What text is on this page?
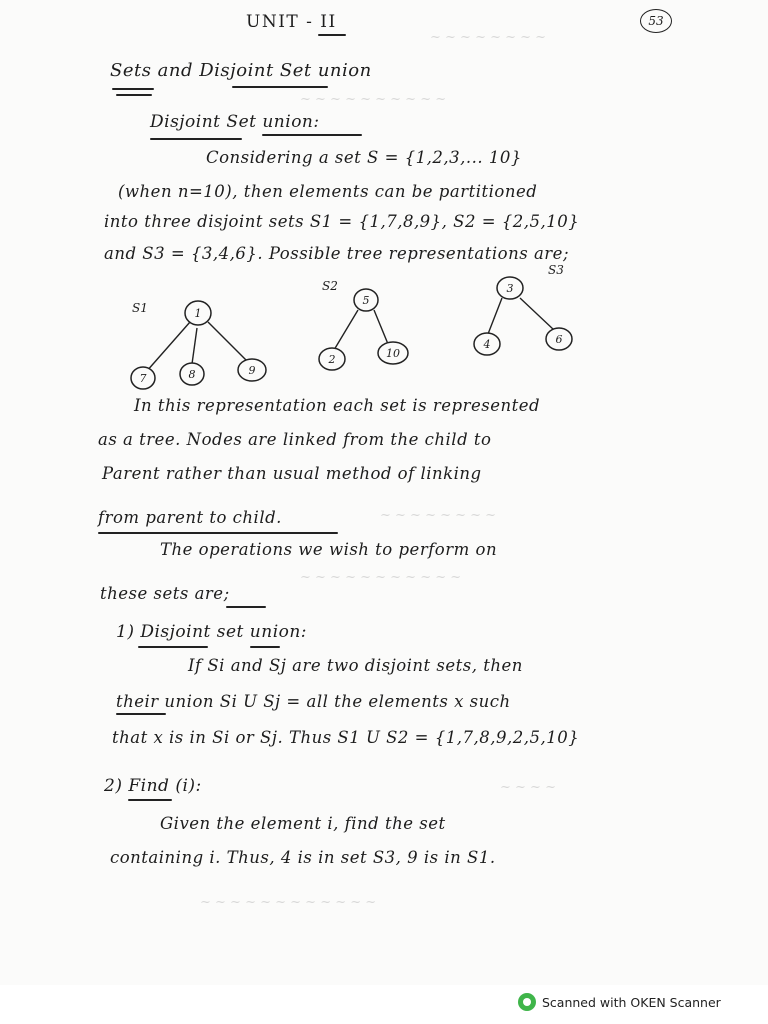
~ ~ ~ ~ ~ ~ ~ ~
~ ~ ~ ~ ~ ~ ~ ~ ~ ~
~ ~ ~ ~ ~ ~ ~ ~
~ ~ ~ ~ ~ ~ ~ ~ ~ ~ ~
~ ~ ~ ~
~ ~ ~ ~ ~ ~ ~ ~ ~ ~ ~ ~
UNIT - II	53
Sets and Disjoint Set union
Disjoint Set union:
Considering a set S = {1,2,3,... 10}
(when n=10), then elements can be partitioned
into three disjoint sets S1 = {1,7,8,9}, S2 = {2,5,10}
and S3 = {3,4,6}. Possible tree representations are;
S1	1
7	8	9
S2
5
2	10
S3
3
4	6
In this representation each set is represented
as a tree. Nodes are linked from the child to
Parent rather than usual method of linking
from parent to child.
The operations we wish to perform on
these sets are;
1) Disjoint set union:
If Si and Sj are two disjoint sets, then
their union Si U Sj = all the elements x such
that x is in Si or Sj. Thus S1 U S2 = {1,7,8,9,2,5,10}
2) Find (i):
Given the element i, find the set
containing i. Thus, 4 is in set S3, 9 is in S1.
Scanned with OKEN Scanner
